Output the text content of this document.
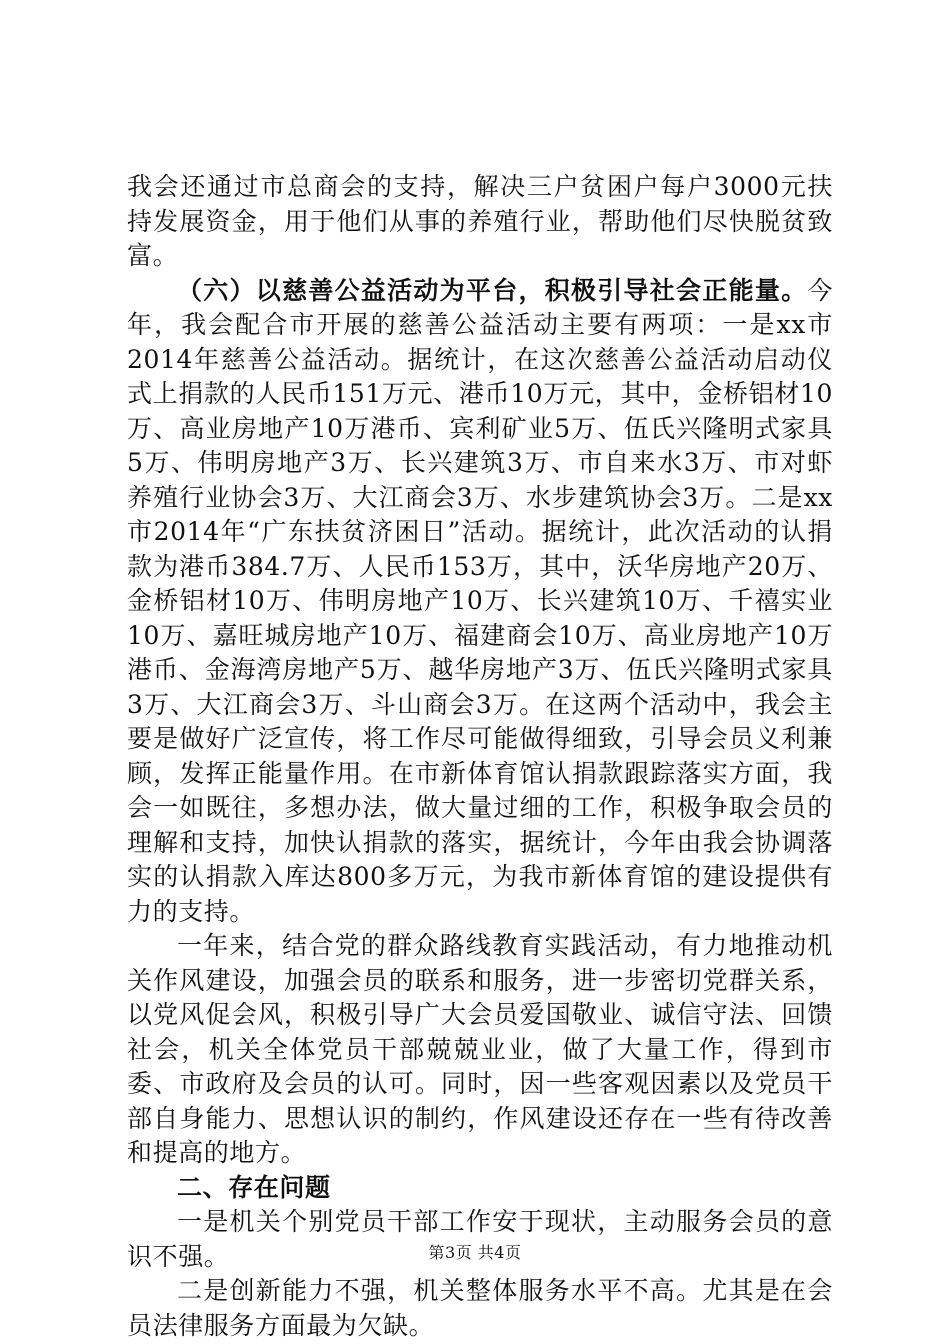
我会还通过市总商会的支持，解决三户贫困户每户3000元扶持发展资金，用于他们从事的养殖行业，帮助他们尽快脱贫致富。

（六）以慈善公益活动为平台，积极引导社会正能量。今年，我会配合市开展的慈善公益活动主要有两项：一是xx市2014年慈善公益活动。据统计，在这次慈善公益活动启动仪式上捐款的人民币151万元、港币10万元，其中，金桥铝材10万、高业房地产10万港币、宾利矿业5万、伍氏兴隆明式家具5万、伟明房地产3万、长兴建筑3万、市自来水3万、市对虾养殖行业协会3万、大江商会3万、水步建筑协会3万。二是xx市2014年“广东扶贫济困日”活动。据统计，此次活动的认捐款为港币384.7万、人民币153万，其中，沃华房地产20万、金桥铝材10万、伟明房地产10万、长兴建筑10万、千禧实业10万、嘉旺城房地产10万、福建商会10万、高业房地产10万港币、金海湾房地产5万、越华房地产3万、伍氏兴隆明式家具3万、大江商会3万、斗山商会3万。在这两个活动中，我会主要是做好广泛宣传，将工作尽可能做得细致，引导会员义利兼顾，发挥正能量作用。在市新体育馆认捐款跟踪落实方面，我会一如既往，多想办法，做大量过细的工作，积极争取会员的理解和支持，加快认捐款的落实，据统计，今年由我会协调落实的认捐款入库达800多万元，为我市新体育馆的建设提供有力的支持。

一年来，结合党的群众路线教育实践活动，有力地推动机关作风建设，加强会员的联系和服务，进一步密切党群关系，以党风促会风，积极引导广大会员爱国敬业、诚信守法、回馈社会，机关全体党员干部兢兢业业，做了大量工作，得到市委、市政府及会员的认可。同时，因一些客观因素以及党员干部自身能力、思想认识的制约，作风建设还存在一些有待改善和提高的地方。

二、存在问题

一是机关个别党员干部工作安于现状，主动服务会员的意识不强。

二是创新能力不强，机关整体服务水平不高。尤其是在会员法律服务方面最为欠缺。

第3页 共4页
